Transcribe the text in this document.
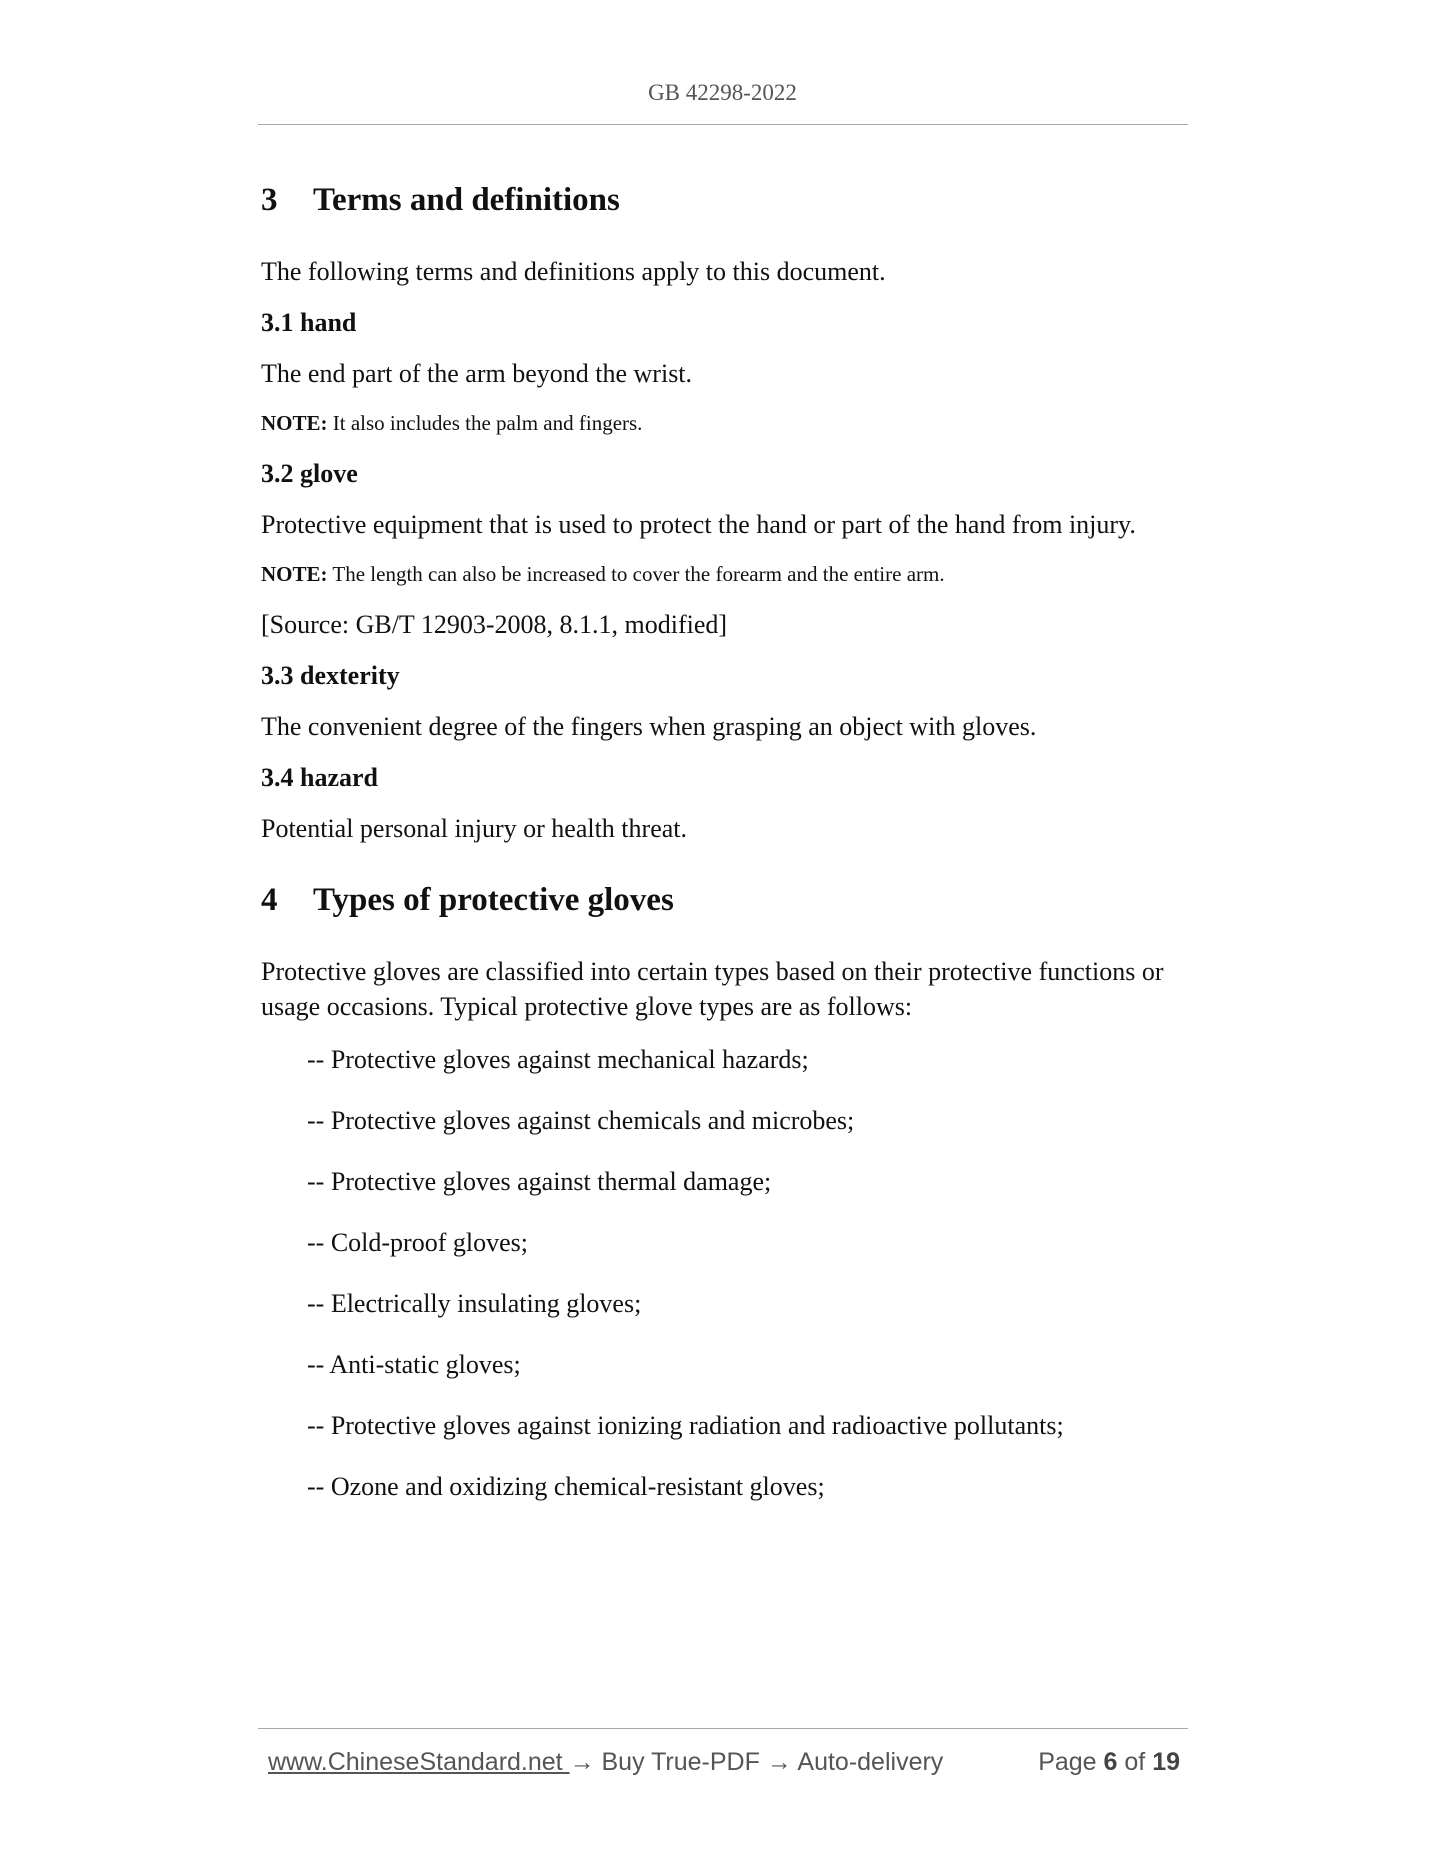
GB 42298-2022
3	Terms and definitions

The following terms and definitions apply to this document.

3.1 hand

The end part of the arm beyond the wrist.

NOTE: It also includes the palm and fingers.

3.2 glove

Protective equipment that is used to protect the hand or part of the hand from injury.

NOTE: The length can also be increased to cover the forearm and the entire arm.

[Source: GB/T 12903-2008, 8.1.1, modified]

3.3 dexterity

The convenient degree of the fingers when grasping an object with gloves.

3.4 hazard

Potential personal injury or health threat.

4	Types of protective gloves

Protective gloves are classified into certain types based on their protective functions or usage occasions. Typical protective glove types are as follows:

-- Protective gloves against mechanical hazards;

-- Protective gloves against chemicals and microbes;

-- Protective gloves against thermal damage;

-- Cold-proof gloves;

-- Electrically insulating gloves;

-- Anti-static gloves;

-- Protective gloves against ionizing radiation and radioactive pollutants;

-- Ozone and oxidizing chemical-resistant gloves;

www.ChineseStandard.net → Buy True-PDF → Auto-delivery	Page 6 of 19
